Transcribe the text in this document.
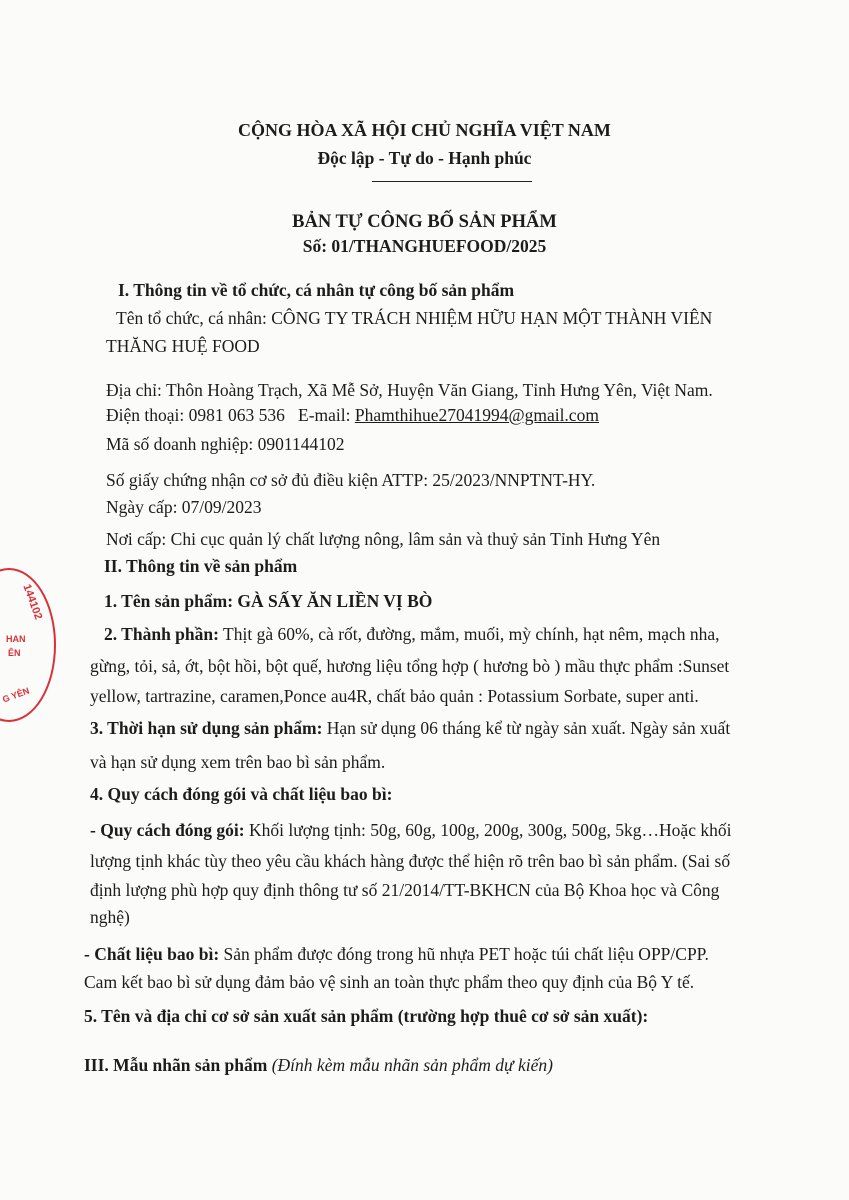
144102
HAN
ÊN
G YÊN
CỘNG HÒA XÃ HỘI CHỦ NGHĨA VIỆT NAM
Độc lập - Tự do - Hạnh phúc
BẢN TỰ CÔNG BỐ SẢN PHẨM
Số: 01/THANGHUEFOOD/2025
I. Thông tin về tổ chức, cá nhân tự công bố sản phẩm
Tên tổ chức, cá nhân: CÔNG TY TRÁCH NHIỆM HỮU HẠN MỘT THÀNH VIÊN
THĂNG HUỆ FOOD
Địa chỉ: Thôn Hoàng Trạch, Xã Mễ Sở, Huyện Văn Giang, Tỉnh Hưng Yên, Việt Nam.
Điện thoại: 0981 063 536 E-mail: Phamthihue27041994@gmail.com
Mã số doanh nghiệp: 0901144102
Số giấy chứng nhận cơ sở đủ điều kiện ATTP: 25/2023/NNPTNT-HY.
Ngày cấp: 07/09/2023
Nơi cấp: Chi cục quản lý chất lượng nông, lâm sản và thuỷ sản Tỉnh Hưng Yên
II. Thông tin về sản phẩm
1. Tên sản phẩm: GÀ SẤY ĂN LIỀN VỊ BÒ
2. Thành phần: Thịt gà 60%, cà rốt, đường, mắm, muối, mỳ chính, hạt nêm, mạch nha,
gừng, tỏi, sả, ớt, bột hồi, bột quế, hương liệu tổng hợp ( hương bò ) mầu thực phẩm :Sunset
yellow, tartrazine, caramen,Ponce au4R, chất bảo quản : Potassium Sorbate, super anti.
3. Thời hạn sử dụng sản phẩm: Hạn sử dụng 06 tháng kể từ ngày sản xuất. Ngày sản xuất
và hạn sử dụng xem trên bao bì sản phẩm.
4. Quy cách đóng gói và chất liệu bao bì:
- Quy cách đóng gói: Khối lượng tịnh: 50g, 60g, 100g, 200g, 300g, 500g, 5kg…Hoặc khối
lượng tịnh khác tùy theo yêu cầu khách hàng được thể hiện rõ trên bao bì sản phẩm. (Sai số
định lượng phù hợp quy định thông tư số 21/2014/TT-BKHCN của Bộ Khoa học và Công
nghệ)
- Chất liệu bao bì: Sản phẩm được đóng trong hũ nhựa PET hoặc túi chất liệu OPP/CPP.
Cam kết bao bì sử dụng đảm bảo vệ sinh an toàn thực phẩm theo quy định của Bộ Y tế.
5. Tên và địa chỉ cơ sở sản xuất sản phẩm (trường hợp thuê cơ sở sản xuất):
III. Mẫu nhãn sản phẩm (Đính kèm mẫu nhãn sản phẩm dự kiến)
